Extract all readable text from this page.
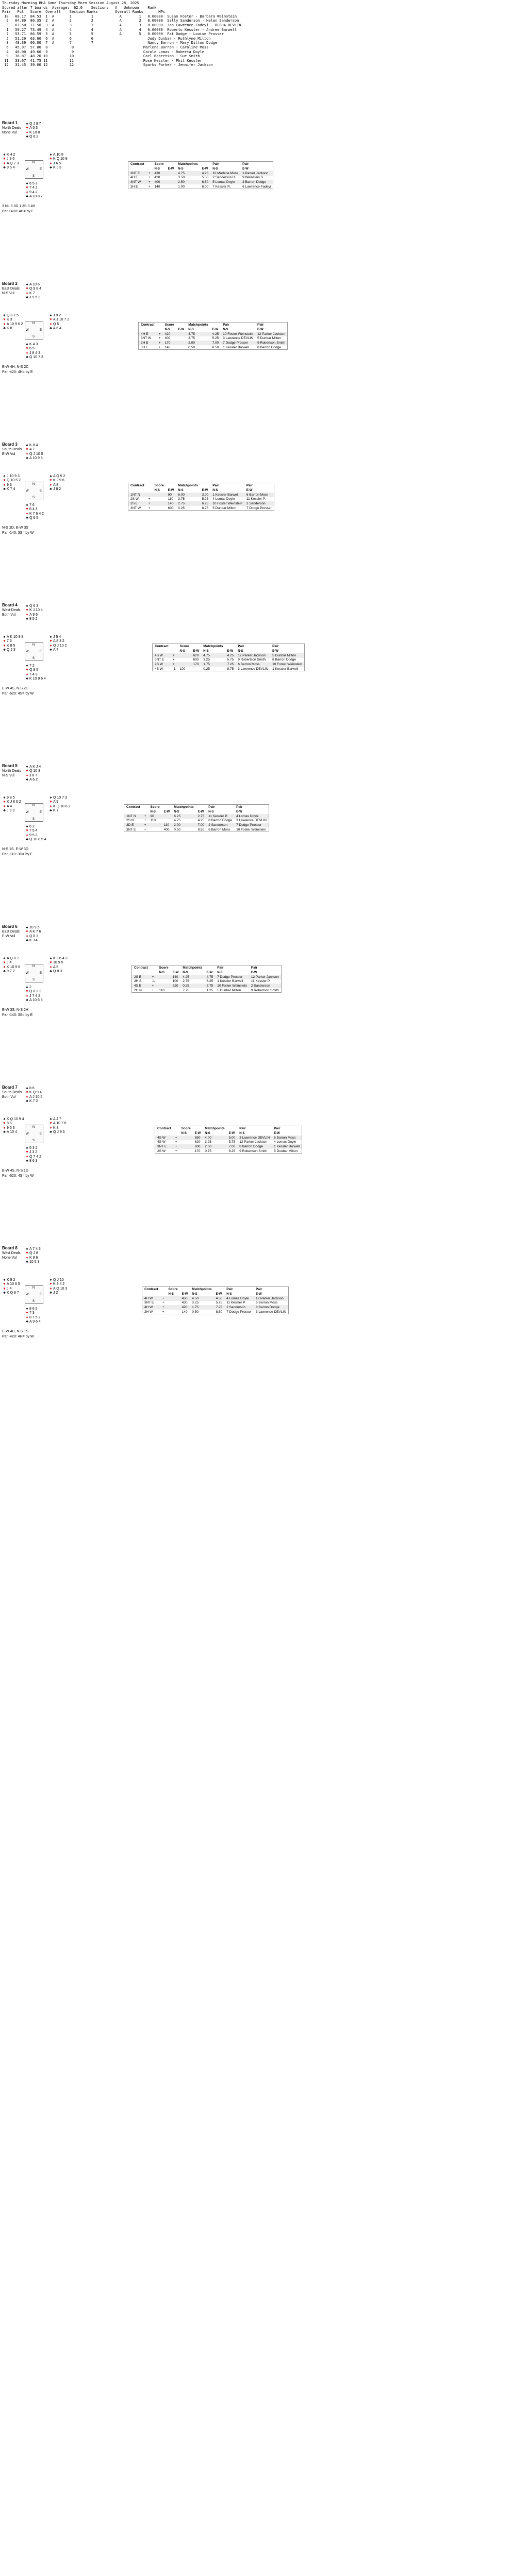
Thursday Morning BHA Game Thursday Morn Session August 28, 2025
Scored after 7 boards  Average:  62.0    Sections   A   Unknown    Rank
Pair   Pct   Score  Overall    Section Ranks        Overall Ranks       MPs
10   68.17  84.53  1  A       1         1            A        1   0.00000  Susan Foster - Barbara Weinstein
2   64.80  80.35  2  A       2         2            A        2   0.00000  Sally Sanderson - Helen Sanderson
3   62.50  77.50  3  A       3         3            A        3   0.00000  Jan Lawrence-Fadeyi - DEBRA DEVLIN
1   59.27  73.49  4  A       4         4            A        4   0.00000  Roberto Kessler - Andrew Barwell
7   53.71  66.59  5  A       5         5            A        5   0.00000  Pat Dodge - Louise Prosser
5   51.29  63.60  6  A       6         6                         Judy Dunbar - Ruthlyne Milton
8   48.39  60.00  7  A       7         7                         Nancy Barron - Mary Dillon Dodge
6   45.97  57.00  8           8                                Marlene Barron - Caroline Moss
4   40.00  49.60  9           9                                Carole Lomas - Roberta Doyle
9   38.87  48.20 10          10                                Carl Robertson - Sue Smith
11   33.67  41.75 11          11                                Rose Kessler - Phil Kessler
12   31.45  39.00 12          12                                Sparks Parker - Jennifer Jackson
Board 1
North Deals
None Vul
♠ Q J 9 7
♥ A 5 3
♦ K 10 8
♣ Q 6 2
♠ K 4 2
♥ J 9 6
♦ A Q 7 3
♣ 9 5 4
♠ A 10 8
♥ K Q 10 8
♦ J 6 5
♣ K J 3
♠ 6 5 3
♥ 7 4 2
♦ 9 4 2
♣ A 10 8 7
N
S
E
W
3 NL 3 3D 1 3S 3 4H
Par +400: 4H= by E
Contract		Score		Matchpoints		Pair	Pair
		N-S	E-W	N-S	E-W	N-S	E-W
3NT E	+	430		4.75	4.25	10 Marlene Moss	1 Parker Jackson
4H E	+	420		3.50	5.50	2 Sanderson H.	9 Weinstein S.
3NT W	+	400		2.50	6.50	5 Lomas Doyle	3 Barron Dodge
3H E	+	140		1.00	8.00	7 Kessler R.	6 Lawrence-Fadeyi
Board 2
East Deals
N-S Vul
♠ A 10 6
♥ Q 9 8 4
♦ K 7
♣ J 9 5 2
♠ Q 8 7 5
♥ K 3
♦ A 10 9 6 2
♣ K 8
♠ J 9 2
♥ A J 10 7 2
♦ Q 5
♣ A 6 4
♠ K 4 3
♥ 6 5
♦ J 8 4 3
♣ Q 10 7 3
N
S
E
W
E-W 4H, N-S 2C
Par -420: 4H= by E
Contract		Score		Matchpoints		Pair	Pair
		N-S	E-W	N-S	E-W	N-S	E-W
4H E	+	420		4.75	4.25	10 Foster Weinstein	12 Parker Jackson
3NT W	+	400		3.75	5.25	3 Lawrence DEVLIN	5 Dunbar Milton
2H E	+	170		2.00	7.00	7 Dodge Prosser	9 Robertson Smith
3H E	+	140		0.50	8.50	1 Kessler Barwell	8 Barron Dodge
Board 3
South Deals
E-W Vul
♠ K 8 4
♥ A 7
♦ Q J 10 5
♣ A 10 9 3
♠ J 10 9 3
♥ Q 10 5 2
♦ 9 3
♣ K 7 4
♠ A Q 5 2
♥ K J 9 6
♦ A 8
♣ J 8 2
♠ 7 6
♥ 8 4 3
♦ K 7 6 4 2
♣ Q 6 5
N
S
E
W
N-S 2D, E-W 3S
Par -140: 3S= by W
Contract		Score		Matchpoints		Pair	Pair
		N-S	E-W	N-S	E-W	N-S	E-W
1NT N			90	6.00	3.00	1 Kessler Barwell	6 Barron Moss
2S W	+		110	3.75	5.25	4 Lomas Doyle	11 Kessler P.
3S E	+		140	2.75	6.25	10 Foster Weinstein	2 Sanderson
3NT W	+		600	0.25	8.75	5 Dunbar Milton	7 Dodge Prosser
Board 4
West Deals
Both Vul
♠ Q 6 3
♥ K J 10 4
♦ A 9 6
♣ 8 5 2
♠ A K 10 9 8
♥ 7 6
♦ K 8 5
♣ Q J 3
♠ J 5 4
♥ A 8 3 2
♦ Q J 10 2
♣ A 7
♠ 7 2
♥ Q 9 5
♦ 7 4 3
♣ K 10 9 6 4
N
S
E
W
E-W 4S, N-S 2C
Par -620: 4S= by W
Contract		Score		Matchpoints		Pair	Pair
		N-S	E-W	N-S	E-W	N-S	E-W
4S W	+		620	4.75	4.25	12 Parker Jackson	5 Dunbar Milton
3NT E	+		600	3.25	5.75	9 Robertson Smith	8 Barron Dodge
2S W	+		170	1.75	7.25	6 Barron Moss	10 Foster Weinstein
4S W	-1	100		0.25	8.75	3 Lawrence DEVLIN	1 Kessler Barwell
Board 5
North Deals
N-S Vul
♠ A K J 4
♥ Q 10 3
♦ J 8 7
♣ A 6 2
♠ 9 8 5
♥ K J 8 6 2
♦ A 4
♣ J 9 3
♠ Q 10 7 3
♥ A 9
♦ K Q 10 6 2
♣ K 7
♠ 6 2
♥ 7 5 4
♦ 9 5 3
♣ Q 10 8 5 4
N
S
E
W
N-S 1S, E-W 3D
Par -110: 3D= by E
Contract		Score		Matchpoints		Pair	Pair
		N-S	E-W	N-S	E-W	N-S	E-W
1NT N	+	90		6.25	2.75	11 Kessler P.	4 Lomas Doyle
2S N	+	110		4.75	4.25	8 Barron Dodge	3 Lawrence DEVLIN
3D E	+		110	2.00	7.00	2 Sanderson	7 Dodge Prosser
3NT E	+		400	0.50	8.50	6 Barron Moss	10 Foster Weinstein
Board 6
East Deals
E-W Vul
♠ 10 9 5
♥ A K 7 6
♦ Q 8 3
♣ K J 4
♠ A Q 8 7
♥ J 4
♦ K 10 9 6
♣ 9 7 2
♠ K J 6 4 3
♥ 10 9 5
♦ A 5
♣ Q 8 3
♠ 2
♥ Q 8 3 2
♦ J 7 4 2
♣ A 10 6 5
N
S
E
W
E-W 3S, N-S 2H
Par -140: 3S= by E
Contract		Score		Matchpoints		Pair	Pair
		N-S	E-W	N-S	E-W	N-S	E-W
2S E	+		140	4.25	4.75	7 Dodge Prosser	12 Parker Jackson
3H S	-1		100	2.75	6.25	1 Kessler Barwell	11 Kessler P.
4S E	+		620	0.25	8.75	10 Foster Weinstein	2 Sanderson
2H N	+	110		7.75	1.25	5 Dunbar Milton	9 Robertson Smith
Board 7
South Deals
Both Vul
♠ 8 6
♥ K Q 9 4
♦ A J 10 5
♣ K 7 2
♠ K Q 10 9 4
♥ 8 5
♦ 9 6 3
♣ A 10 4
♠ A J 7
♥ A 10 7 6
♦ K 8
♣ Q J 9 5
♠ 5 3 2
♥ J 3 2
♦ Q 7 4 2
♣ 8 6 3
N
S
E
W
E-W 4S, N-S 1D
Par -620: 4S= by W
Contract		Score		Matchpoints		Pair	Pair
		N-S	E-W	N-S	E-W	N-S	E-W
4S W	+		650	4.00	5.00	3 Lawrence DEVLIN	6 Barron Moss
4S W	+		620	3.25	5.75	12 Parker Jackson	4 Lomas Doyle
3NT E	+		600	2.00	7.00	8 Barron Dodge	1 Kessler Barwell
2S W	+		170	0.75	8.25	9 Robertson Smith	5 Dunbar Milton
Board 8
West Deals
None Vul
♠ A 7 4 3
♥ Q J 8
♦ K 9 6
♣ 10 5 3
♠ K 9 2
♥ A 10 6 5
♦ J 4
♣ K Q 8 7
♠ Q J 10
♥ K 9 4 2
♦ A Q 10 3
♣ J 2
♠ 8 6 5
♥ 7 3
♦ 8 7 5 2
♣ A 9 6 4
N
S
E
W
E-W 4H, N-S 1S
Par -420: 4H= by W
Contract		Score		Matchpoints		Pair	Pair
		N-S	E-W	N-S	E-W	N-S	E-W
4H W	+		450	4.50	4.50	4 Lomas Doyle	12 Parker Jackson
3NT E	+		430	3.25	5.75	11 Kessler P.	6 Barron Moss
4H W	+		420	1.75	7.25	2 Sanderson	8 Barron Dodge
2H W	+		140	0.50	8.50	7 Dodge Prosser	3 Lawrence DEVLIN
